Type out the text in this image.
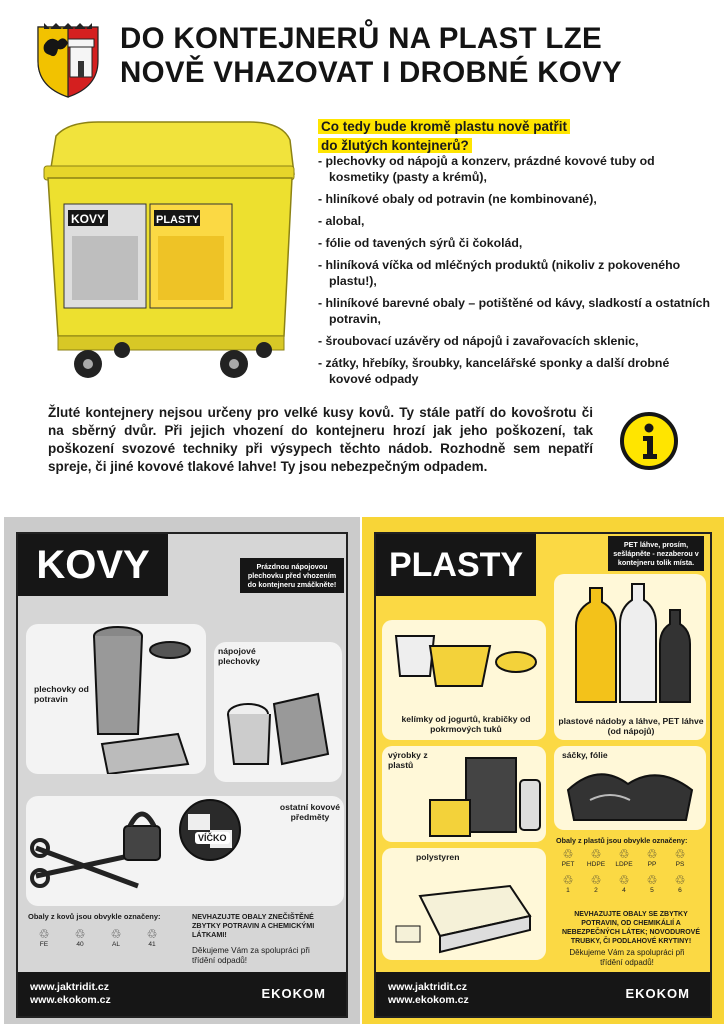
DO KONTEJNERŮ NA PLAST LZE
NOVĚ VHAZOVAT I DROBNÉ KOVY
KOVY	PLASTY
Co tedy bude kromě plastu nově patřit
do žlutých kontejnerů?
- plechovky od nápojů a konzerv, prázdné kovové tuby od kosmetiky (pasty a krémů),
- hliníkové obaly od potravin (ne kombinované),
- alobal,
- fólie od tavených sýrů či čokolád,
- hliníková víčka od mléčných produktů (nikoliv z pokoveného plastu!),
- hliníkové barevné obaly – potištěné od kávy, sladkostí a ostatních potravin,
- šroubovací uzávěry od nápojů i zavařovacích sklenic,
- zátky, hřebíky, šroubky, kancelářské sponky a další drobné kovové odpady
Žluté kontejnery nejsou určeny pro velké kusy kovů. Ty stále patří do kovošrotu či na sběrný dvůr. Při jejich vhození do kontejneru hrozí jak jeho poškození, tak poškození svozové techniky při výsypech těchto nádob. Rozhodně sem nepatří spreje, či jiné kovové tlakové lahve! Ty jsou nebezpečným odpadem.
KOVY	Prázdnou nápojovou plechovku před vhozením do kontejneru zmáčkněte!
plechovky od potravin
nápojové plechovky
ostatní kovové předměty
VÍČKO
Obaly z kovů jsou obvykle označeny:
♲
FE
♲
40
♲
AL
♲
41
NEVHAZUJTE OBALY ZNEČIŠTĚNÉ ZBYTKY POTRAVIN A CHEMICKÝMI LÁTKAMI!
Děkujeme Vám za spolupráci při třídění odpadů!
www.jaktridit.cz
www.ekokom.cz	EKOKOM
PLASTY
PET láhve, prosím, sešlápněte - nezaberou v kontejneru tolik místa.
kelímky od jogurtů, krabičky od pokrmových tuků
plastové nádoby a láhve, PET láhve (od nápojů)
výrobky z plastů
sáčky, fólie
polystyren
Obaly z plastů jsou obvykle označeny:
♲
PET
♲
HDPE
♲
LDPE
♲
PP
♲
PS
♲
1
♲
2
♲
4
♲
5
♲
6
NEVHAZUJTE OBALY SE ZBYTKY POTRAVIN, OD CHEMIKÁLIÍ A NEBEZPEČNÝCH LÁTEK; NOVODUROVÉ TRUBKY, ČI PODLAHOVÉ KRYTINY!
Děkujeme Vám za spolupráci při třídění odpadů!
www.jaktridit.cz
www.ekokom.cz	EKOKOM
